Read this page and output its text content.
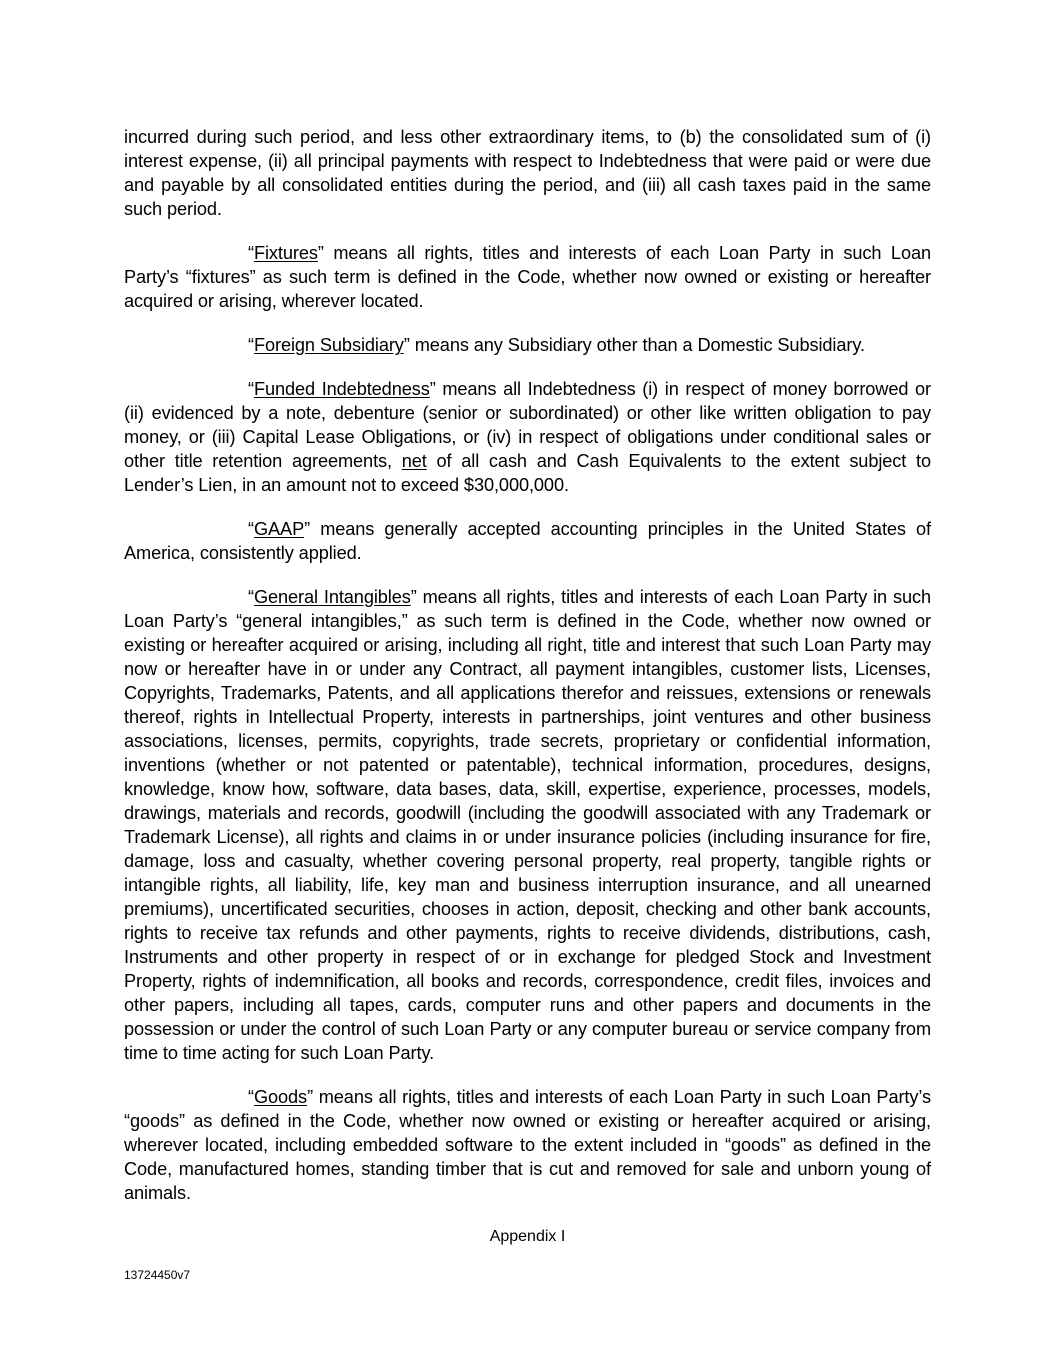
incurred during such period, and less other extraordinary items, to (b) the consolidated sum of (i) interest expense, (ii) all principal payments with respect to Indebtedness that were paid or were due and payable by all consolidated entities during the period, and (iii) all cash taxes paid in the same such period.

“Fixtures” means all rights, titles and interests of each Loan Party in such Loan Party’s “fixtures” as such term is defined in the Code, whether now owned or existing or hereafter acquired or arising, wherever located.

“Foreign Subsidiary” means any Subsidiary other than a Domestic Subsidiary.

“Funded Indebtedness” means all Indebtedness (i) in respect of money borrowed or (ii) evidenced by a note, debenture (senior or subordinated) or other like written obligation to pay money, or (iii) Capital Lease Obligations, or (iv) in respect of obligations under conditional sales or other title retention agreements, net of all cash and Cash Equivalents to the extent subject to Lender’s Lien, in an amount not to exceed $30,000,000.

“GAAP” means generally accepted accounting principles in the United States of America, consistently applied.

“General Intangibles” means all rights, titles and interests of each Loan Party in such Loan Party’s “general intangibles,” as such term is defined in the Code, whether now owned or existing or hereafter acquired or arising, including all right, title and interest that such Loan Party may now or hereafter have in or under any Contract, all payment intangibles, customer lists, Licenses, Copyrights, Trademarks, Patents, and all applications therefor and reissues, extensions or renewals thereof, rights in Intellectual Property, interests in partnerships, joint ventures and other business associations, licenses, permits, copyrights, trade secrets, proprietary or confidential information, inventions (whether or not patented or patentable), technical information, procedures, designs, knowledge, know how, software, data bases, data, skill, expertise, experience, processes, models, drawings, materials and records, goodwill (including the goodwill associated with any Trademark or Trademark License), all rights and claims in or under insurance policies (including insurance for fire, damage, loss and casualty, whether covering personal property, real property, tangible rights or intangible rights, all liability, life, key man and business interruption insurance, and all unearned premiums), uncertificated securities, chooses in action, deposit, checking and other bank accounts, rights to receive tax refunds and other payments, rights to receive dividends, distributions, cash, Instruments and other property in respect of or in exchange for pledged Stock and Investment Property, rights of indemnification, all books and records, correspondence, credit files, invoices and other papers, including all tapes, cards, computer runs and other papers and documents in the possession or under the control of such Loan Party or any computer bureau or service company from time to time acting for such Loan Party.

“Goods” means all rights, titles and interests of each Loan Party in such Loan Party’s “goods” as defined in the Code, whether now owned or existing or hereafter acquired or arising, wherever located, including embedded software to the extent included in “goods” as defined in the Code, manufactured homes, standing timber that is cut and removed for sale and unborn young of animals.

Appendix I
13724450v7
